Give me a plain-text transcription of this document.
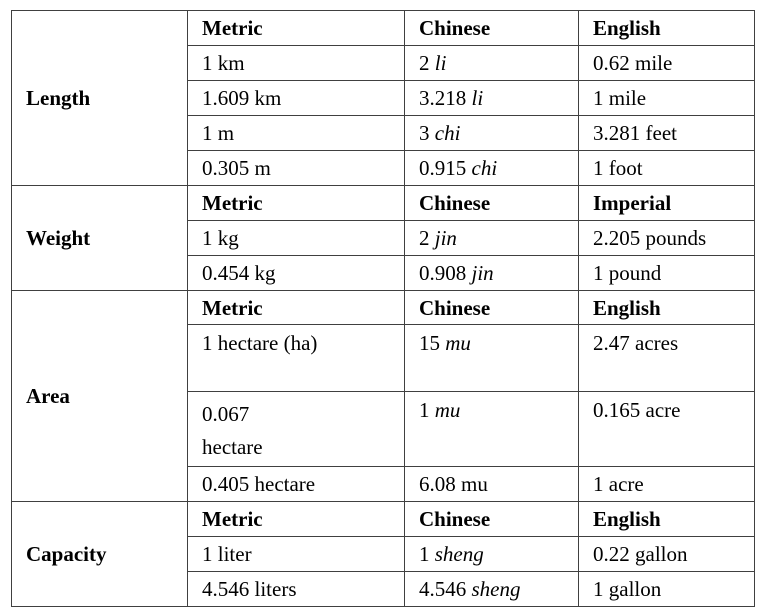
Length	Metric	Chinese	English
	1 km	2 li	0.62 mile
	1.609 km	3.218 li	1 mile
	1 m	3 chi	3.281 feet
	0.305 m	0.915 chi	1 foot
Weight	Metric	Chinese	Imperial
	1 kg	2 jin	2.205 pounds
	0.454 kg	0.908 jin	1 pound
Area	Metric	Chinese	English
	1 hectare (ha)	15 mu	2.47 acres

	0.067 hectare	1 mu	0.165 acre
	0.405 hectare	6.08 mu	1 acre
Capacity	Metric	Chinese	English
	1 liter	1 sheng	0.22 gallon
	4.546 liters	4.546 sheng	1 gallon
